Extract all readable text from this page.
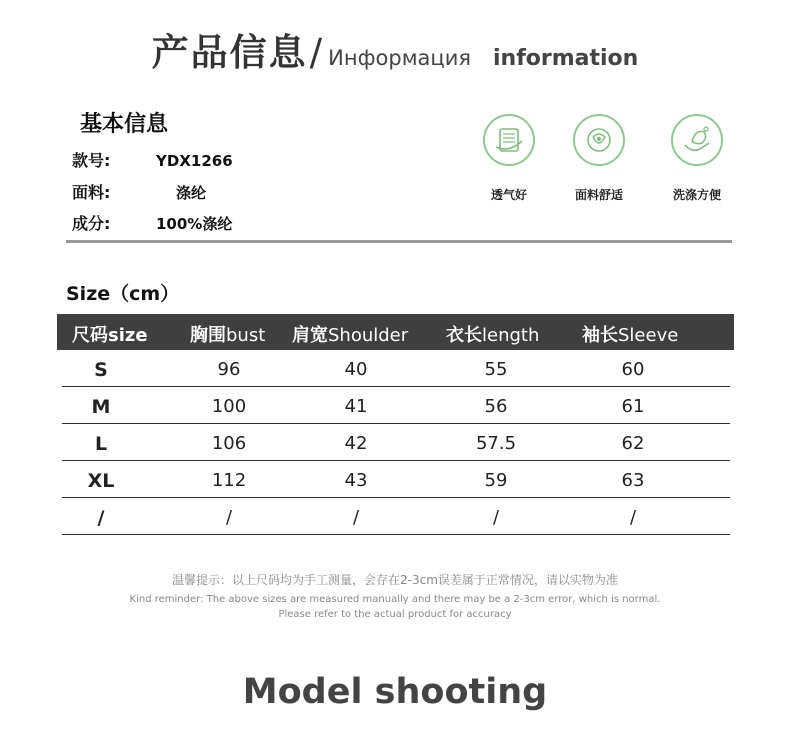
产品信息/ Информация information
基本信息
款号:	YDX1266
面料:	涤纶
成分:	100%涤纶
透气好	面料舒适	洗涤方便
Size（cm）
尺码size 胸围bust 肩宽Shoulder 衣长length 袖长Sleeve
S	96	40	55	60
M	100	41	56	61
L	106	42	57.5	62
XL	112	43	59	63
/	/	/	/	/
温馨提示：以上尺码均为手工测量，会存在2-3cm误差属于正常情况，请以实物为准
Kind reminder: The above sizes are measured manually and there may be a 2-3cm error, which is normal.
Please refer to the actual product for accuracy
Model shooting
